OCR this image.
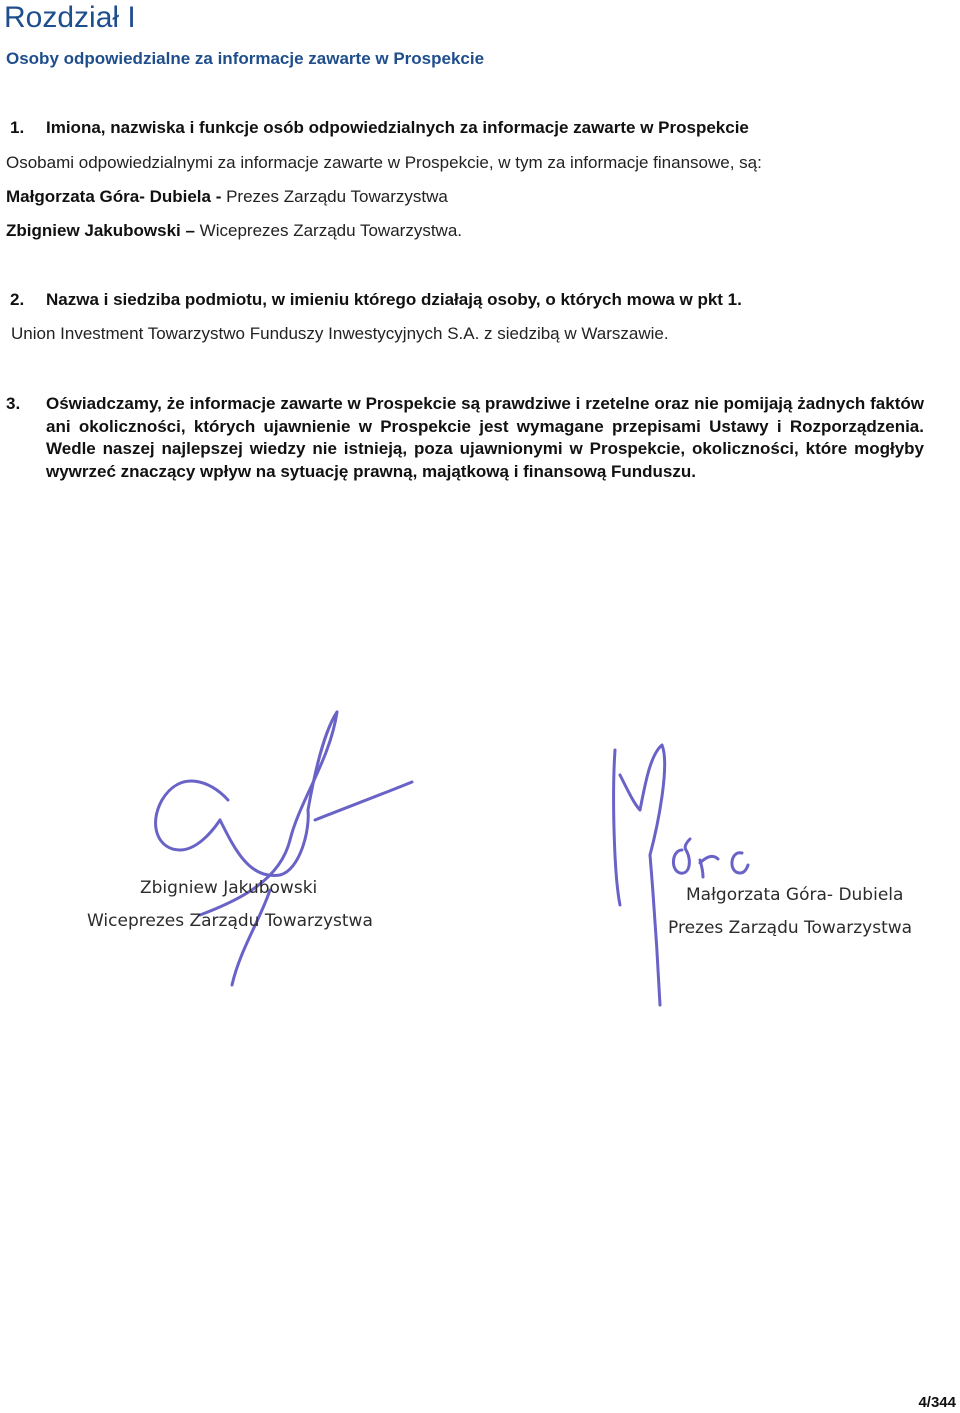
Rozdział I
Osoby odpowiedzialne za informacje zawarte w Prospekcie
1. Imiona, nazwiska i funkcje osób odpowiedzialnych za informacje zawarte w Prospekcie
Osobami odpowiedzialnymi za informacje zawarte w Prospekcie, w tym za informacje finansowe, są:
Małgorzata Góra- Dubiela - Prezes Zarządu Towarzystwa
Zbigniew Jakubowski – Wiceprezes Zarządu Towarzystwa.
2. Nazwa i siedziba podmiotu, w imieniu którego działają osoby, o których mowa w pkt 1.
Union Investment Towarzystwo Funduszy Inwestycyjnych S.A. z siedzibą w Warszawie.
3. Oświadczamy, że informacje zawarte w Prospekcie są prawdziwe i rzetelne oraz nie pomijają żadnych faktów ani okoliczności, których ujawnienie w Prospekcie jest wymagane przepisami Ustawy i Rozporządzenia. Wedle naszej najlepszej wiedzy nie istnieją, poza ujawnionymi w Prospekcie, okoliczności, które mogłyby wywrzeć znaczący wpływ na sytuację prawną, majątkową i finansową Funduszu.
Zbigniew Jakubowski
Wiceprezes Zarządu Towarzystwa
Małgorzata Góra- Dubiela
Prezes Zarządu Towarzystwa
4/344
